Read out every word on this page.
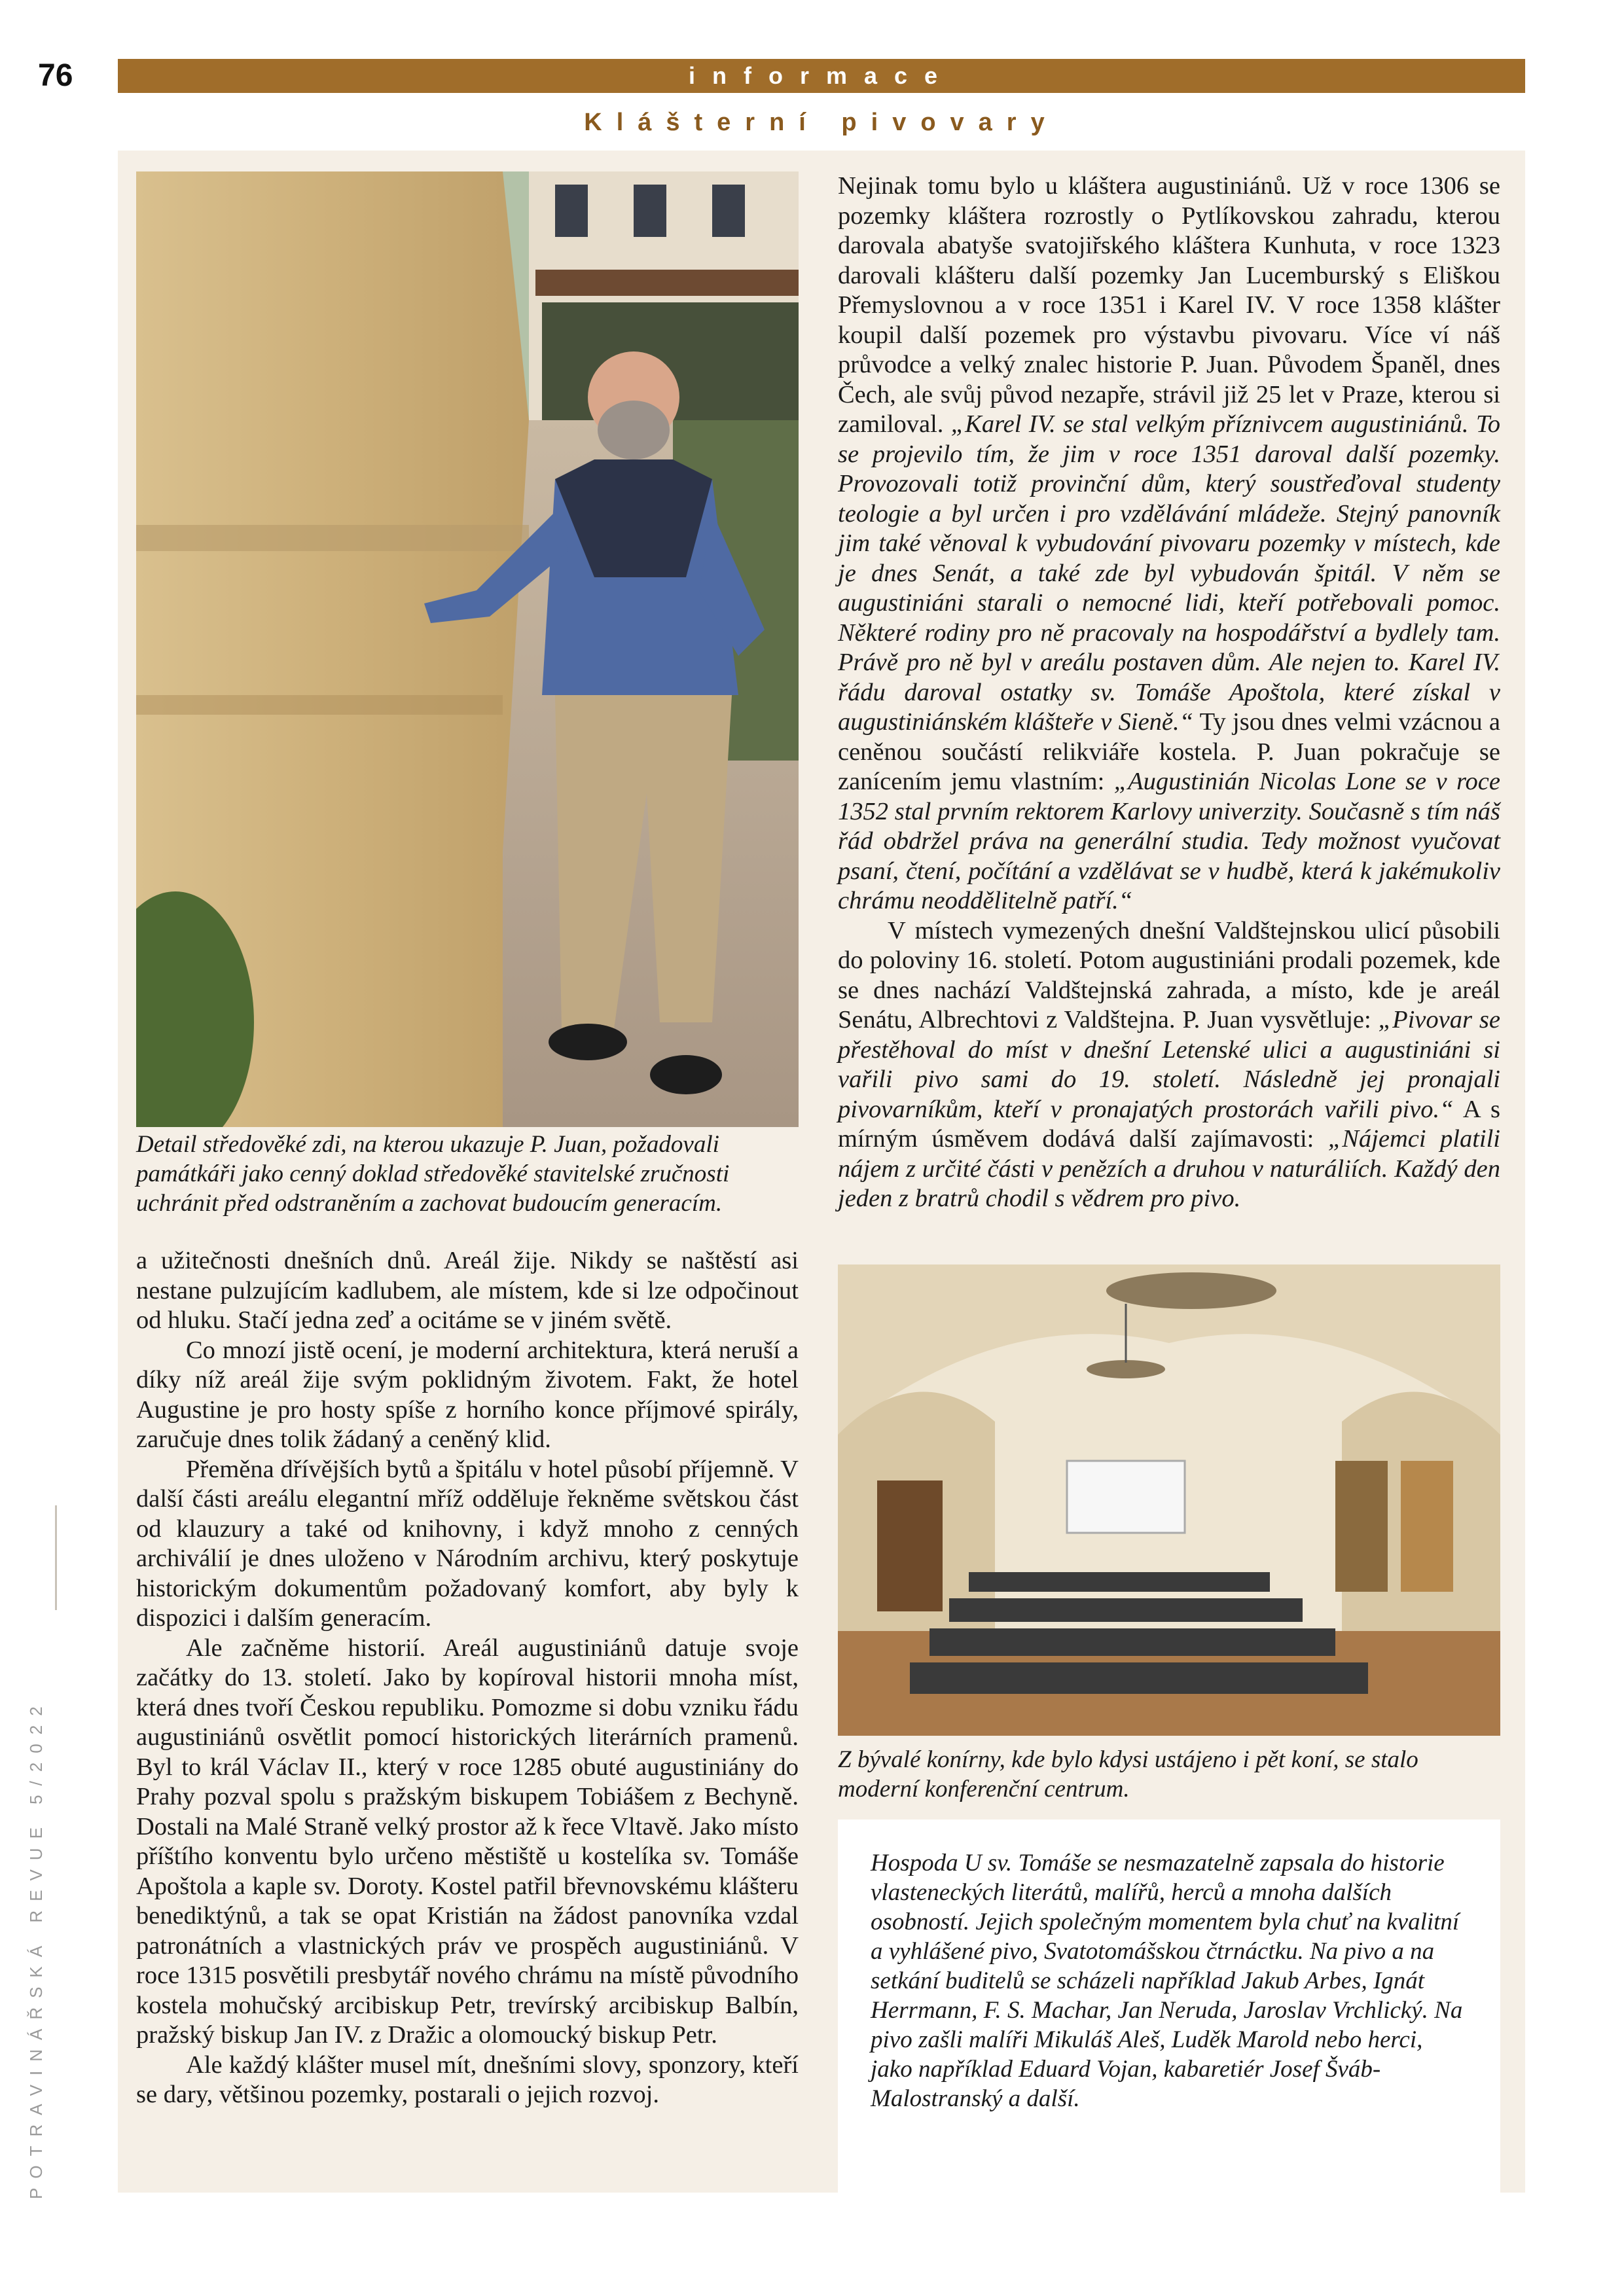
76	informace
Klášterní pivovary
POTRAVINÁŘSKÁ REVUE 5/2022
Detail středověké zdi, na kterou ukazuje P. Juan, požadovali památkáři jako cenný doklad středověké stavitelské zručnosti uchránit před odstraněním a zachovat budoucím generacím.

a užitečnosti dnešních dnů. Areál žije. Nikdy se naštěstí asi nestane pulzujícím kadlubem, ale místem, kde si lze odpočinout od hluku. Stačí jedna zeď a ocitáme se v jiném světě.

Co mnozí jistě ocení, je moderní architektura, která neruší a díky níž areál žije svým poklidným životem. Fakt, že hotel Augustine je pro hosty spíše z horního konce příjmové spirály, zaručuje dnes tolik žádaný a ceněný klid.

Přeměna dřívějších bytů a špitálu v hotel působí příjemně. V další části areálu elegantní mříž odděluje řekněme světskou část od klauzury a také od knihovny, i když mnoho z cenných archiválií je dnes uloženo v Národním archivu, který poskytuje historickým dokumentům požadovaný komfort, aby byly k dispozici i dalším generacím.

Ale začněme historií. Areál augustiniánů datuje svoje začátky do 13. století. Jako by kopíroval historii mnoha míst, která dnes tvoří Českou republiku. Pomozme si dobu vzniku řádu augustiniánů osvětlit pomocí historických literárních pramenů. Byl to král Václav II., který v roce 1285 obuté augustiniány do Prahy pozval spolu s pražským biskupem Tobiášem z Bechyně. Dostali na Malé Straně velký prostor až k řece Vltavě. Jako místo příštího konventu bylo určeno městiště u kostelíka sv. Tomáše Apoštola a kaple sv. Doroty. Kostel patřil břevnovskému klášteru benediktýnů, a tak se opat Kristián na žádost panovníka vzdal patronátních a vlastnických práv ve prospěch augustiniánů. V roce 1315 posvětili presbytář nového chrámu na místě původního kostela mohučský arcibiskup Petr, trevírský arcibiskup Balbín, pražský biskup Jan IV. z Dražic a olomoucký biskup Petr.

Ale každý klášter musel mít, dnešními slovy, sponzory, kteří se dary, většinou pozemky, postarali o jejich rozvoj.

Nejinak tomu bylo u kláštera augustiniánů. Už v roce 1306 se pozemky kláštera rozrostly o Pytlíkovskou zahradu, kterou darovala abatyše svatojiřského kláštera Kunhuta, v roce 1323 darovali klášteru další pozemky Jan Lucemburský s Eliškou Přemyslovnou a v roce 1351 i Karel IV. V roce 1358 klášter koupil další pozemek pro výstavbu pivovaru. Více ví náš průvodce a velký znalec historie P. Juan. Původem Španěl, dnes Čech, ale svůj původ nezapře, strávil již 25 let v Praze, kterou si zamiloval. „Karel IV. se stal velkým příznivcem augustiniánů. To se projevilo tím, že jim v roce 1351 daroval další pozemky. Provozovali totiž provinční dům, který soustřeďoval studenty teologie a byl určen i pro vzdělávání mládeže. Stejný panovník jim také věnoval k vybudování pivovaru pozemky v místech, kde je dnes Senát, a také zde byl vybudován špitál. V něm se augustiniáni starali o nemocné lidi, kteří potřebovali pomoc. Některé rodiny pro ně pracovaly na hospodářství a bydlely tam. Právě pro ně byl v areálu postaven dům. Ale nejen to. Karel IV. řádu daroval ostatky sv. Tomáše Apoštola, které získal v augustiniánském klášteře v Sieně.“ Ty jsou dnes velmi vzácnou a ceněnou součástí relikviáře kostela. P. Juan pokračuje se zanícením jemu vlastním: „Augustinián Nicolas Lone se v roce 1352 stal prvním rektorem Karlovy univerzity. Současně s tím náš řád obdržel práva na generální studia. Tedy možnost vyučovat psaní, čtení, počítání a vzdělávat se v hudbě, která k jakémukoliv chrámu neoddělitelně patří.“

V místech vymezených dnešní Valdštejnskou ulicí působili do poloviny 16. století. Potom augustiniáni prodali pozemek, kde se dnes nachází Valdštejnská zahrada, a místo, kde je areál Senátu, Albrechtovi z Valdštejna. P. Juan vysvětluje: „Pivovar se přestěhoval do míst v dnešní Letenské ulici a augustiniáni si vařili pivo sami do 19. století. Následně jej pronajali pivovarníkům, kteří v pronajatých prostorách vařili pivo.“ A s mírným úsměvem dodává další zajímavosti: „Nájemci platili nájem z určité části v penězích a druhou v naturáliích. Každý den jeden z bratrů chodil s vědrem pro pivo.

Z bývalé konírny, kde bylo kdysi ustájeno i pět koní, se stalo moderní konferenční centrum.
Hospoda U sv. Tomáše se nesmazatelně zapsala do historie vlasteneckých literátů, malířů, herců a mnoha dalších osobností. Jejich společným momentem byla chuť na kvalitní a vyhlášené pivo, Svatotomášskou čtrnáctku. Na pivo a na setkání buditelů se scházeli například Jakub Arbes, Ignát Herrmann, F. S. Machar, Jan Neruda, Jaroslav Vrchlický. Na pivo zašli malíři Mikuláš Aleš, Luděk Marold nebo herci, jako například Eduard Vojan, kabaretiér Josef Šváb-Malostranský a další.
